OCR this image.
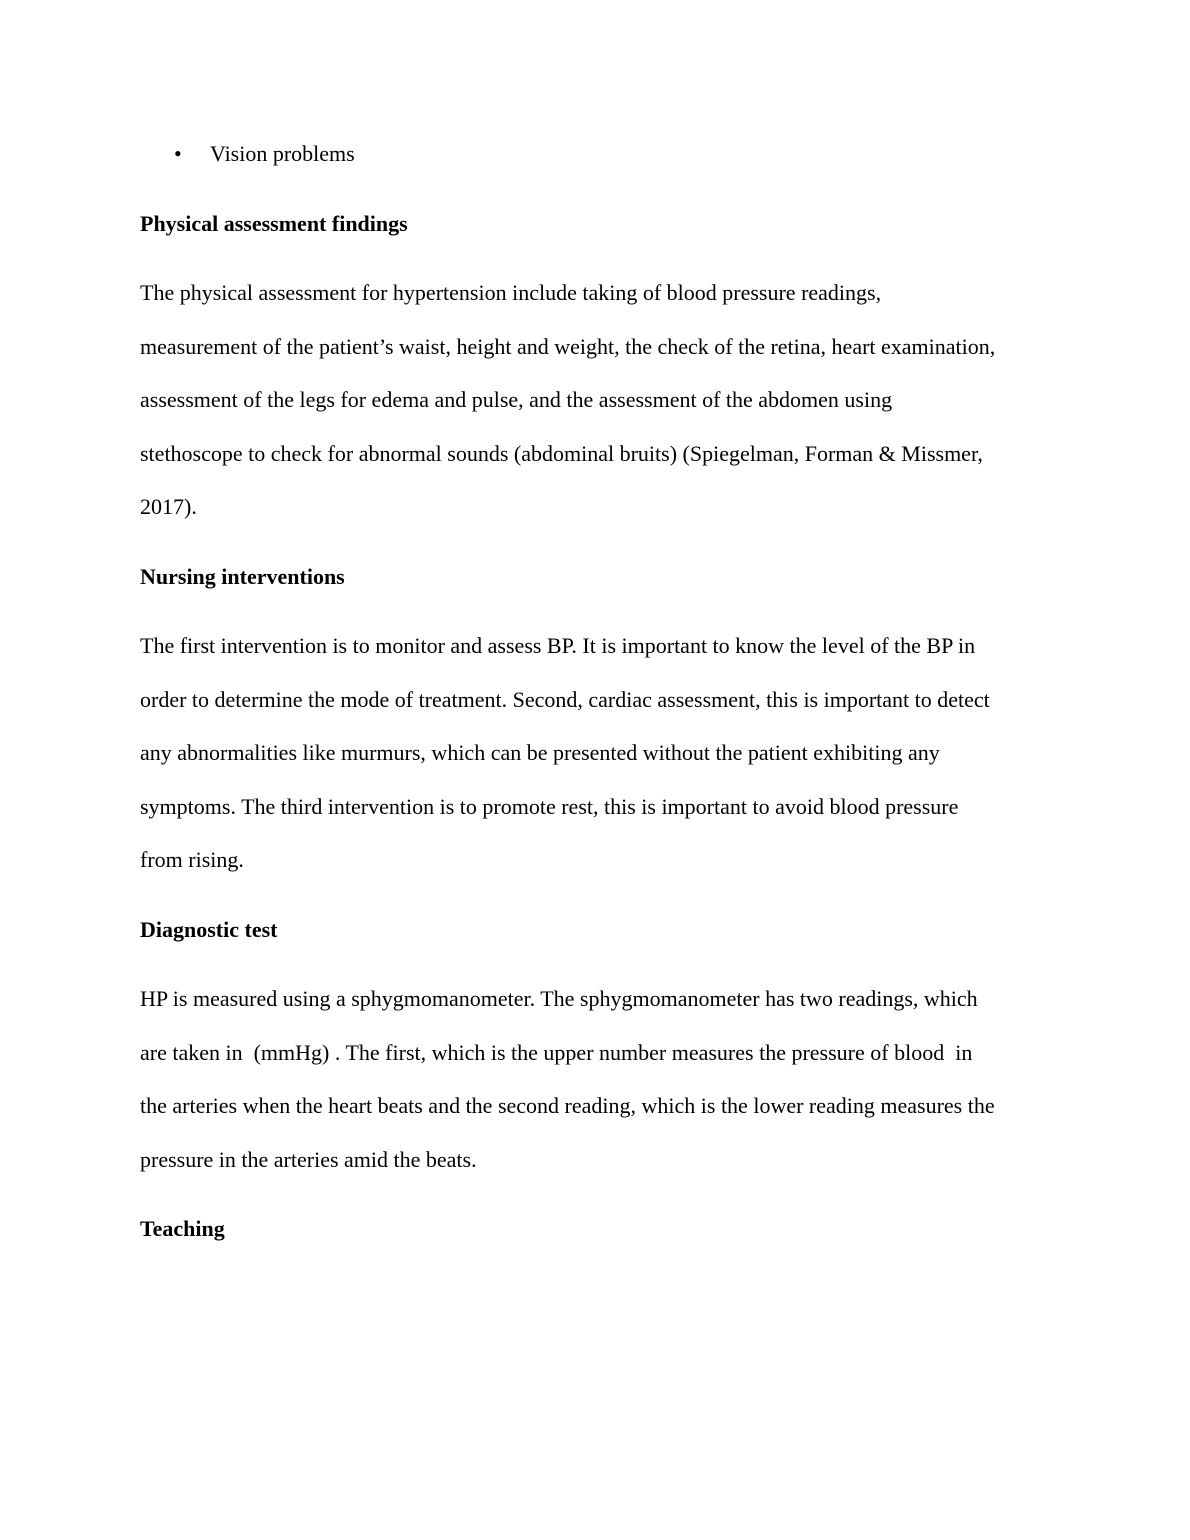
• Vision problems
Physical assessment findings
The physical assessment for hypertension include taking of blood pressure readings,
measurement of the patient’s waist, height and weight, the check of the retina, heart examination,
assessment of the legs for edema and pulse, and the assessment of the abdomen using
stethoscope to check for abnormal sounds (abdominal bruits) (Spiegelman, Forman & Missmer,
2017).
Nursing interventions
The first intervention is to monitor and assess BP. It is important to know the level of the BP in
order to determine the mode of treatment. Second, cardiac assessment, this is important to detect
any abnormalities like murmurs, which can be presented without the patient exhibiting any
symptoms. The third intervention is to promote rest, this is important to avoid blood pressure
from rising.
Diagnostic test
HP is measured using a sphygmomanometer. The sphygmomanometer has two readings, which
are taken in  (mmHg) . The first, which is the upper number measures the pressure of blood  in
the arteries when the heart beats and the second reading, which is the lower reading measures the
pressure in the arteries amid the beats.
Teaching
